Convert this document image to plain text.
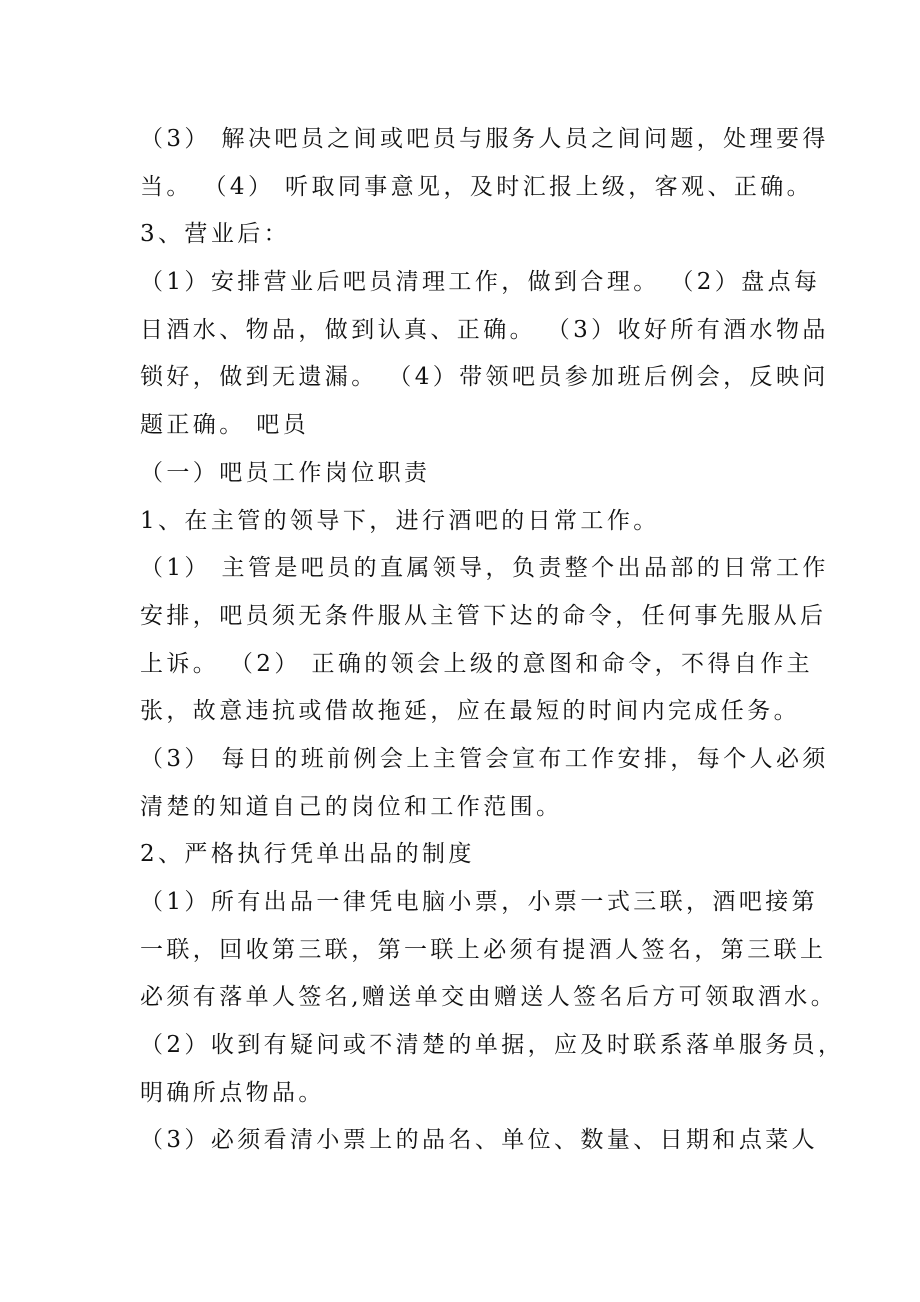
（3） 解决吧员之间或吧员与服务人员之间问题，处理要得
当。 （4） 听取同事意见，及时汇报上级，客观、正确。
3、营业后：
（1）安排营业后吧员清理工作，做到合理。 （2）盘点每
日酒水、物品，做到认真、正确。 （3）收好所有酒水物品
锁好，做到无遗漏。 （4）带领吧员参加班后例会，反映问
题正确。 吧员
（一）吧员工作岗位职责
1、在主管的领导下，进行酒吧的日常工作。
（1） 主管是吧员的直属领导，负责整个出品部的日常工作
安排，吧员须无条件服从主管下达的命令，任何事先服从后
上诉。 （2） 正确的领会上级的意图和命令，不得自作主
张，故意违抗或借故拖延，应在最短的时间内完成任务。
（3） 每日的班前例会上主管会宣布工作安排，每个人必须
清楚的知道自己的岗位和工作范围。
2、严格执行凭单出品的制度
（1）所有出品一律凭电脑小票，小票一式三联，酒吧接第
一联，回收第三联，第一联上必须有提酒人签名，第三联上
必须有落单人签名,赠送单交由赠送人签名后方可领取酒水。
（2）收到有疑问或不清楚的单据，应及时联系落单服务员，
明确所点物品。
（3）必须看清小票上的品名、单位、数量、日期和点菜人
